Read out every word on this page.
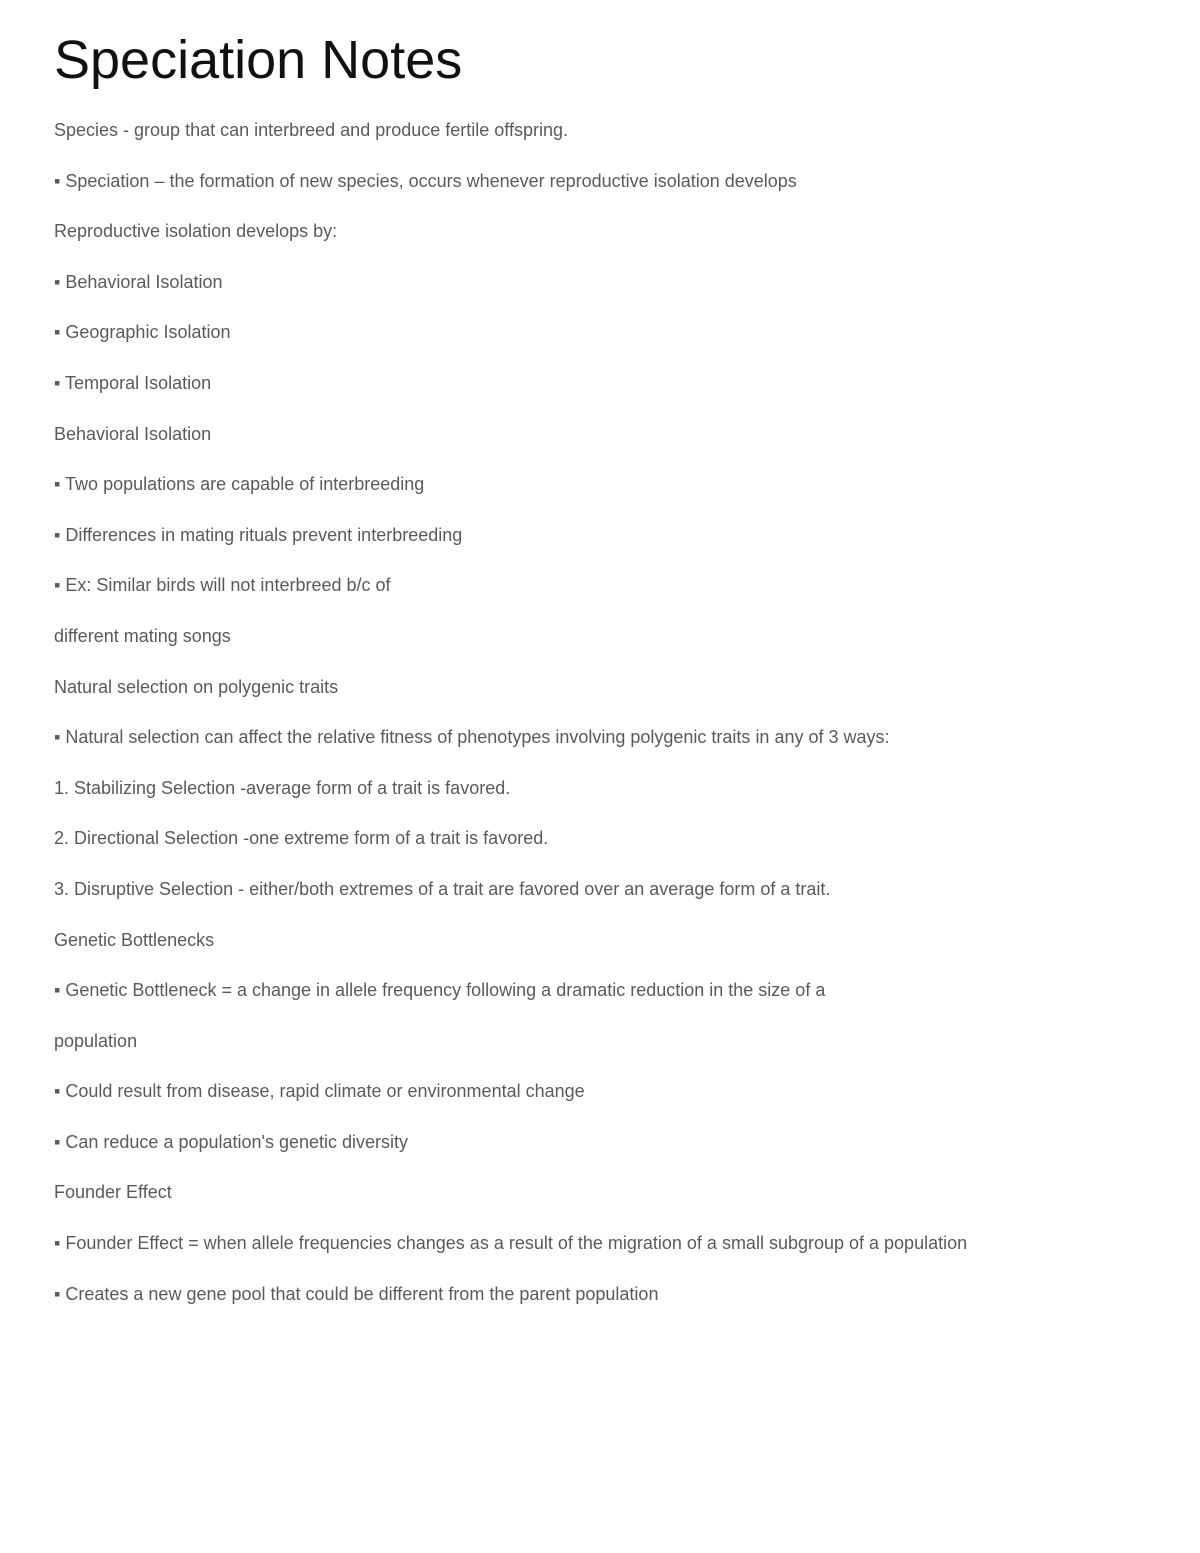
Speciation Notes
Species - group that can interbreed and produce fertile offspring.
▪ Speciation – the formation of new species, occurs whenever reproductive isolation develops
Reproductive isolation develops by:
▪ Behavioral Isolation
▪ Geographic Isolation
▪ Temporal Isolation
Behavioral Isolation
▪ Two populations are capable of interbreeding
▪ Differences in mating rituals prevent interbreeding
▪ Ex: Similar birds will not interbreed b/c of
different mating songs
Natural selection on polygenic traits
▪ Natural selection can affect the relative fitness of phenotypes involving polygenic traits in any of 3 ways:
1. Stabilizing Selection -average form of a trait is favored.
2. Directional Selection -one extreme form of a trait is favored.
3. Disruptive Selection - either/both extremes of a trait are favored over an average form of a trait.
Genetic Bottlenecks
▪ Genetic Bottleneck = a change in allele frequency following a dramatic reduction in the size of a
population
▪ Could result from disease, rapid climate or environmental change
▪ Can reduce a population's genetic diversity
Founder Effect
▪ Founder Effect = when allele frequencies changes as a result of the migration of a small subgroup of a population
▪ Creates a new gene pool that could be different from the parent population
